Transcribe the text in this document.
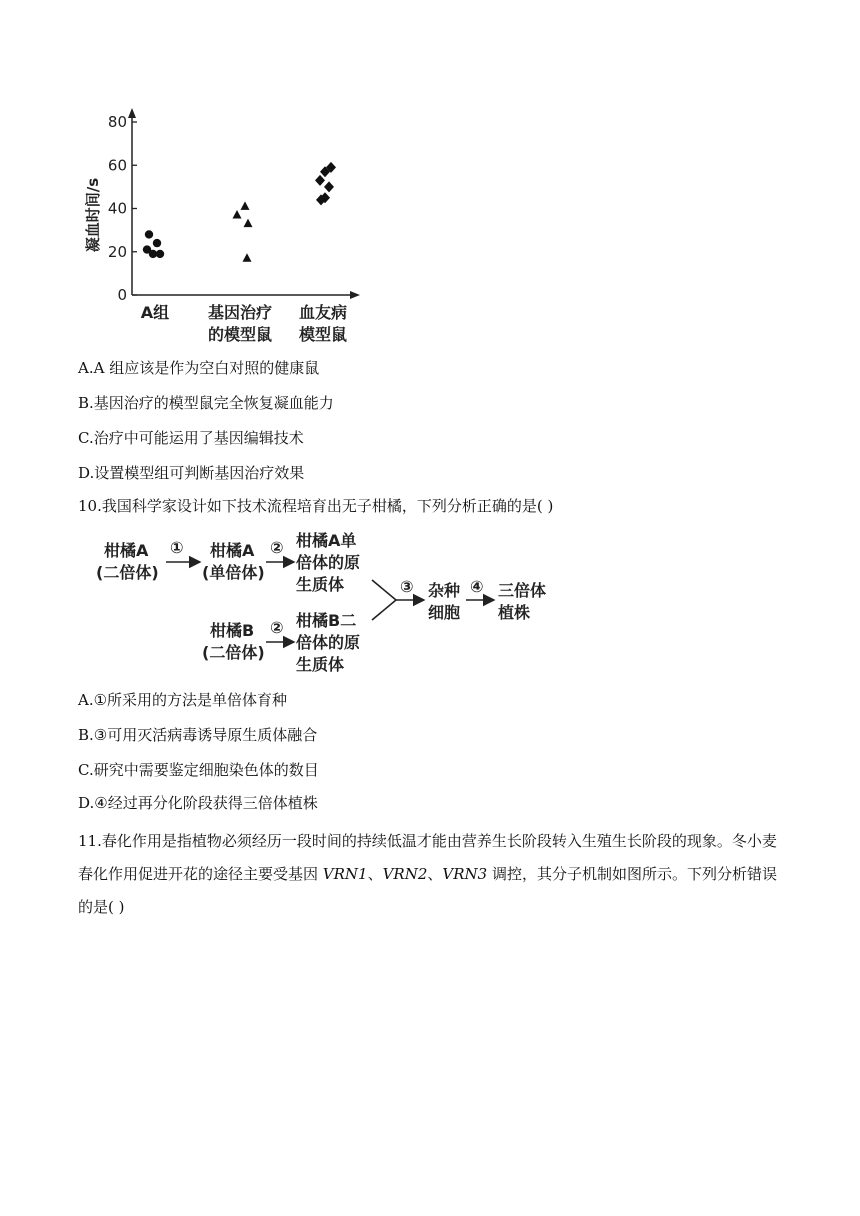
0
20
40
60
80
A组 基因治疗的模型鼠
血友病模型鼠
凝血时间/s
A.A 组应该是作为空白对照的健康鼠
B.基因治疗的模型鼠完全恢复凝血能力
C.治疗中可能运用了基因编辑技术
D.设置模型组可判断基因治疗效果
10.我国科学家设计如下技术流程培育出无子柑橘，下列分析正确的是( )
柑橘A (二倍体)
①	柑橘A (单倍体)
② 柑橘A单 倍体的原 生质体
柑橘B (二倍体)
② 柑橘B二 倍体的原 生质体
③ 杂种 细胞
④ 三倍体 植株
A.①所采用的方法是单倍体育种
B.③可用灭活病毒诱导原生质体融合
C.研究中需要鉴定细胞染色体的数目
D.④经过再分化阶段获得三倍体植株
11.春化作用是指植物必须经历一段时间的持续低温才能由营养生长阶段转入生殖生长阶段的现象。冬小麦春化作用促进开花的途径主要受基因 VRN1、VRN2、VRN3 调控，其分子机制如图所示。下列分析错误的是( )
